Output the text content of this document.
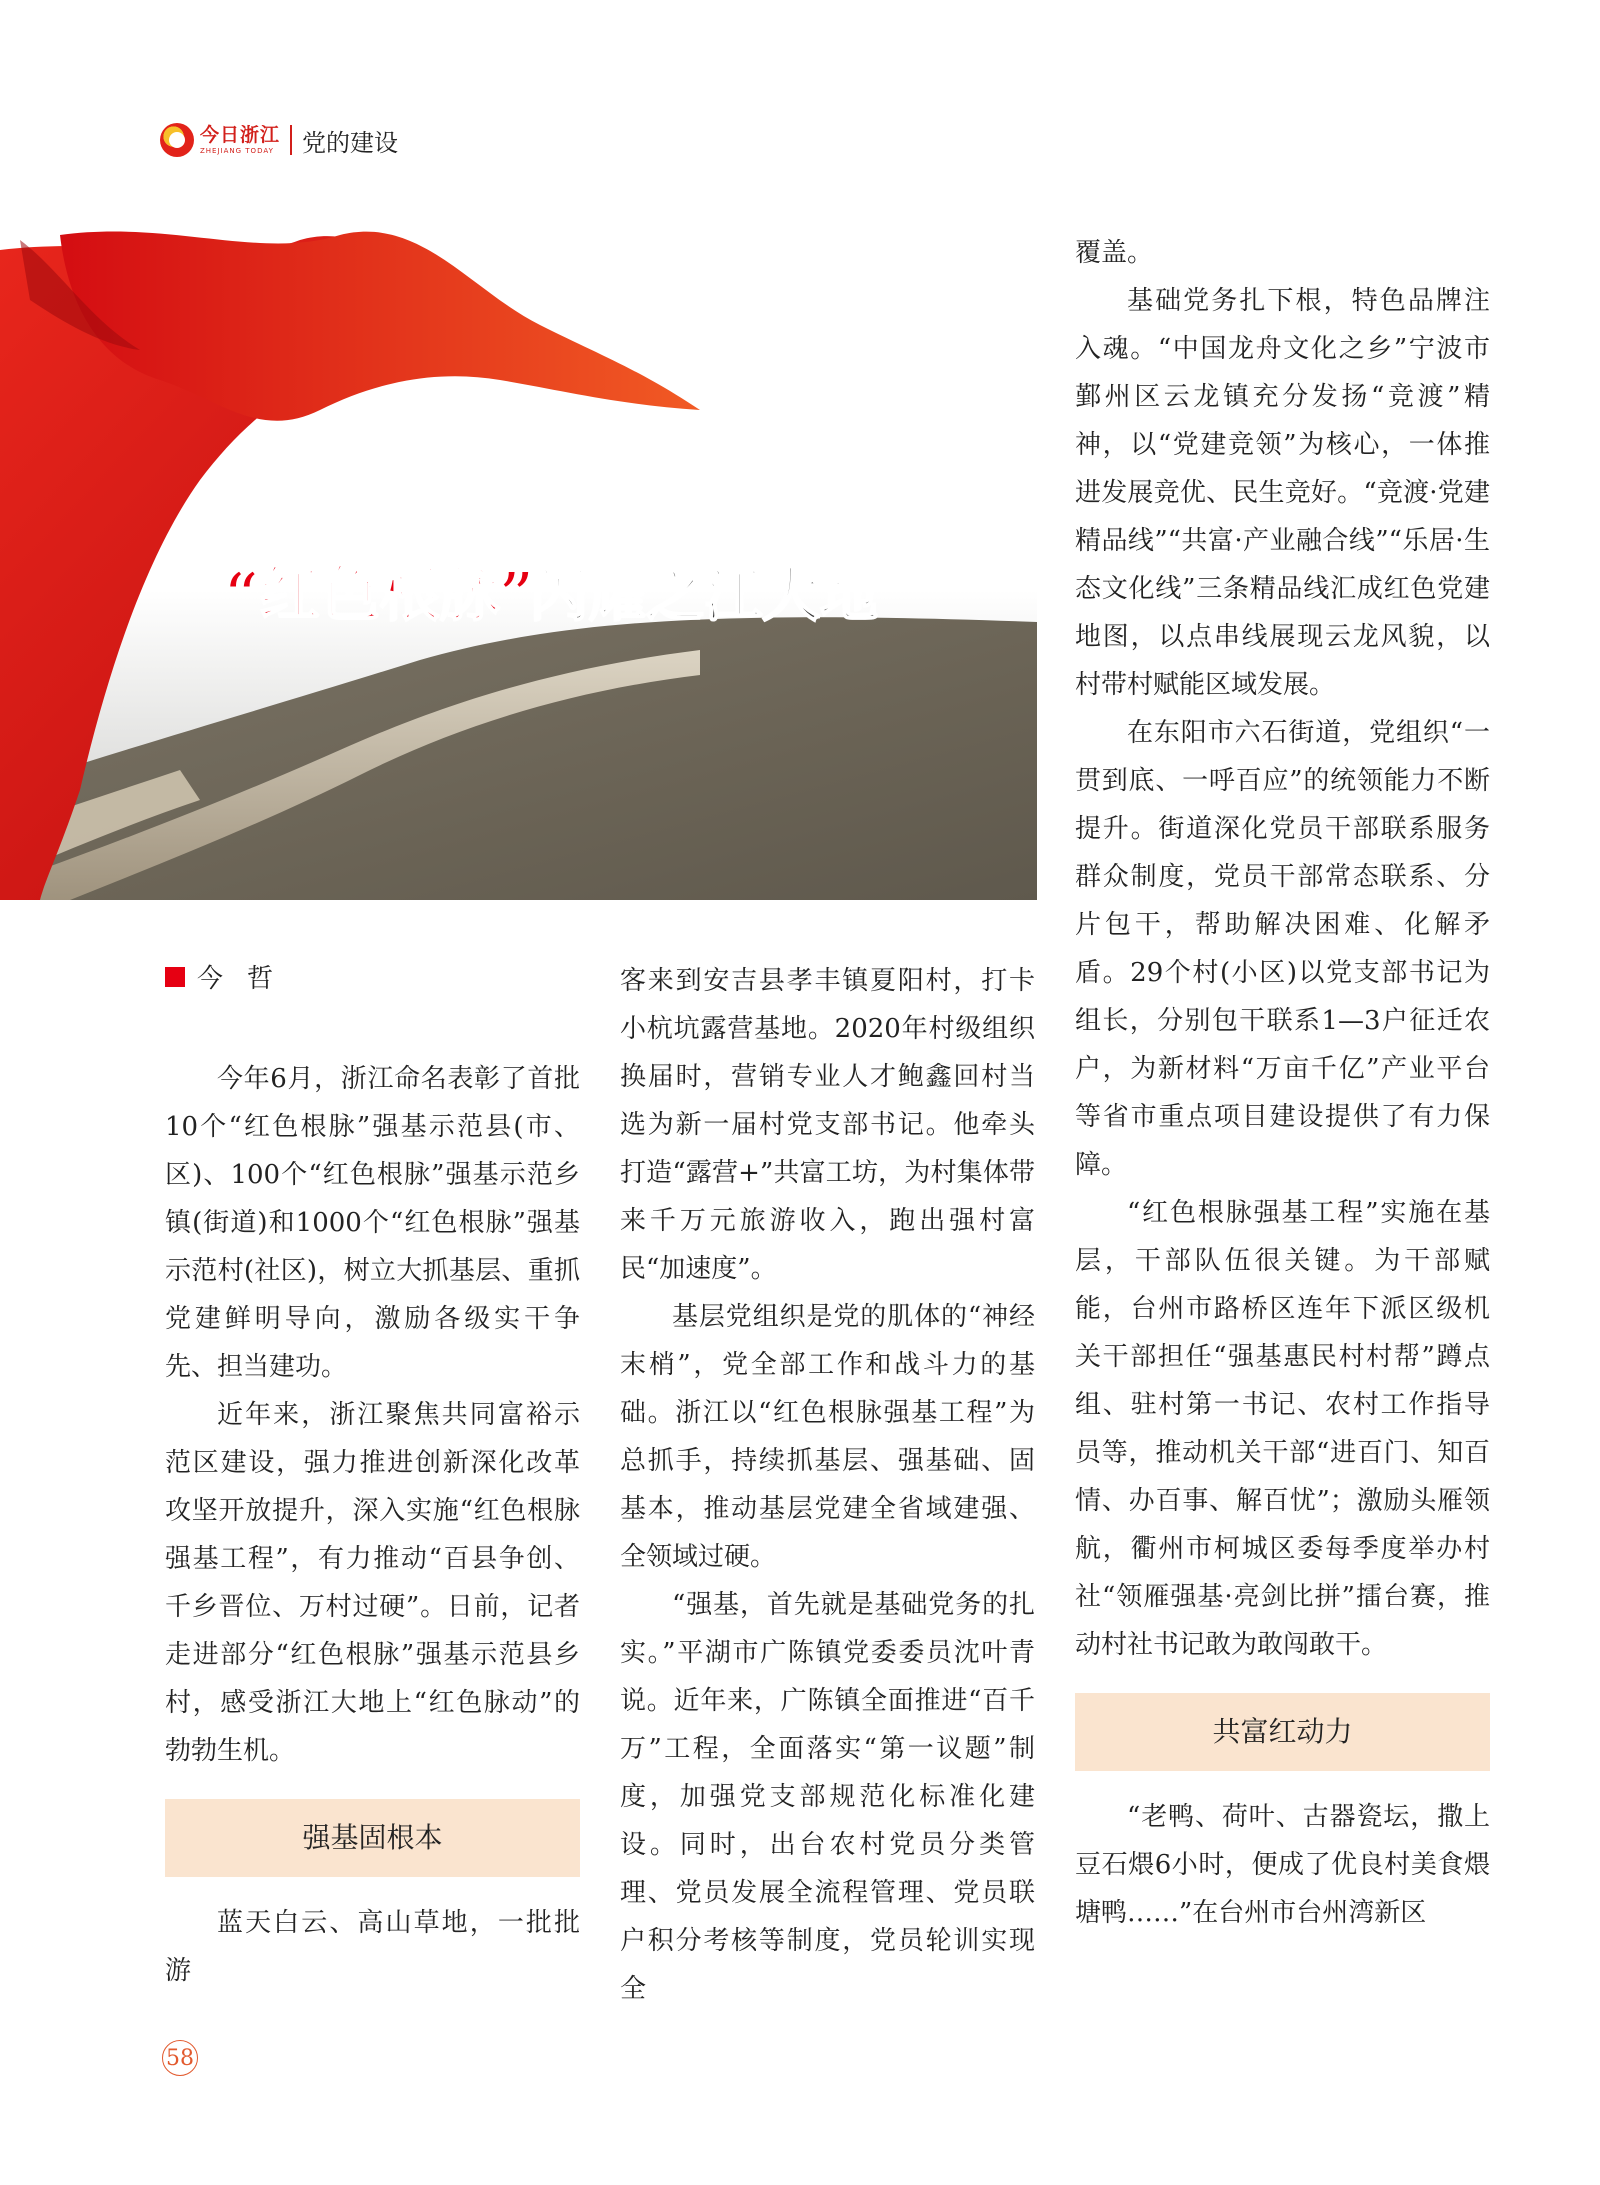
今日浙江
ZHEJIANG TODAY 党的建设
“红色根脉”
闪耀之江大地
今哲

今年6月，浙江命名表彰了首批10个“红色根脉”强基示范县(市、区)、100个“红色根脉”强基示范乡镇(街道)和1000个“红色根脉”强基示范村(社区)，树立大抓基层、重抓党建鲜明导向，激励各级实干争先、担当建功。

近年来，浙江聚焦共同富裕示范区建设，强力推进创新深化改革攻坚开放提升，深入实施“红色根脉强基工程”，有力推动“百县争创、千乡晋位、万村过硬”。日前，记者走进部分“红色根脉”强基示范县乡村，感受浙江大地上“红色脉动”的勃勃生机。

强基固根本

蓝天白云、高山草地，一批批游

客来到安吉县孝丰镇夏阳村，打卡小杭坑露营基地。2020年村级组织换届时，营销专业人才鲍鑫回村当选为新一届村党支部书记。他牵头打造“露营+”共富工坊，为村集体带来千万元旅游收入，跑出强村富民“加速度”。

基层党组织是党的肌体的“神经末梢”，党全部工作和战斗力的基础。浙江以“红色根脉强基工程”为总抓手，持续抓基层、强基础、固基本，推动基层党建全省域建强、全领域过硬。

“强基，首先就是基础党务的扎实。”平湖市广陈镇党委委员沈叶青说。近年来，广陈镇全面推进“百千万”工程，全面落实“第一议题”制度，加强党支部规范化标准化建设。同时，出台农村党员分类管理、党员发展全流程管理、党员联户积分考核等制度，党员轮训实现全

覆盖。

基础党务扎下根，特色品牌注入魂。“中国龙舟文化之乡”宁波市鄞州区云龙镇充分发扬“竞渡”精神，以“党建竞领”为核心，一体推进发展竞优、民生竞好。“竞渡·党建精品线”“共富·产业融合线”“乐居·生态文化线”三条精品线汇成红色党建地图，以点串线展现云龙风貌，以村带村赋能区域发展。

在东阳市六石街道，党组织“一贯到底、一呼百应”的统领能力不断提升。街道深化党员干部联系服务群众制度，党员干部常态联系、分片包干，帮助解决困难、化解矛盾。29个村(小区)以党支部书记为组长，分别包干联系1—3户征迁农户，为新材料“万亩千亿”产业平台等省市重点项目建设提供了有力保障。

“红色根脉强基工程”实施在基层，干部队伍很关键。为干部赋能，台州市路桥区连年下派区级机关干部担任“强基惠民村村帮”蹲点组、驻村第一书记、农村工作指导员等，推动机关干部“进百门、知百情、办百事、解百忧”；激励头雁领航，衢州市柯城区委每季度举办村社“领雁强基·亮剑比拼”擂台赛，推动村社书记敢为敢闯敢干。

共富红动力

“老鸭、荷叶、古器瓷坛，撒上豆石煨6小时，便成了优良村美食煨塘鸭……”在台州市台州湾新区

58
